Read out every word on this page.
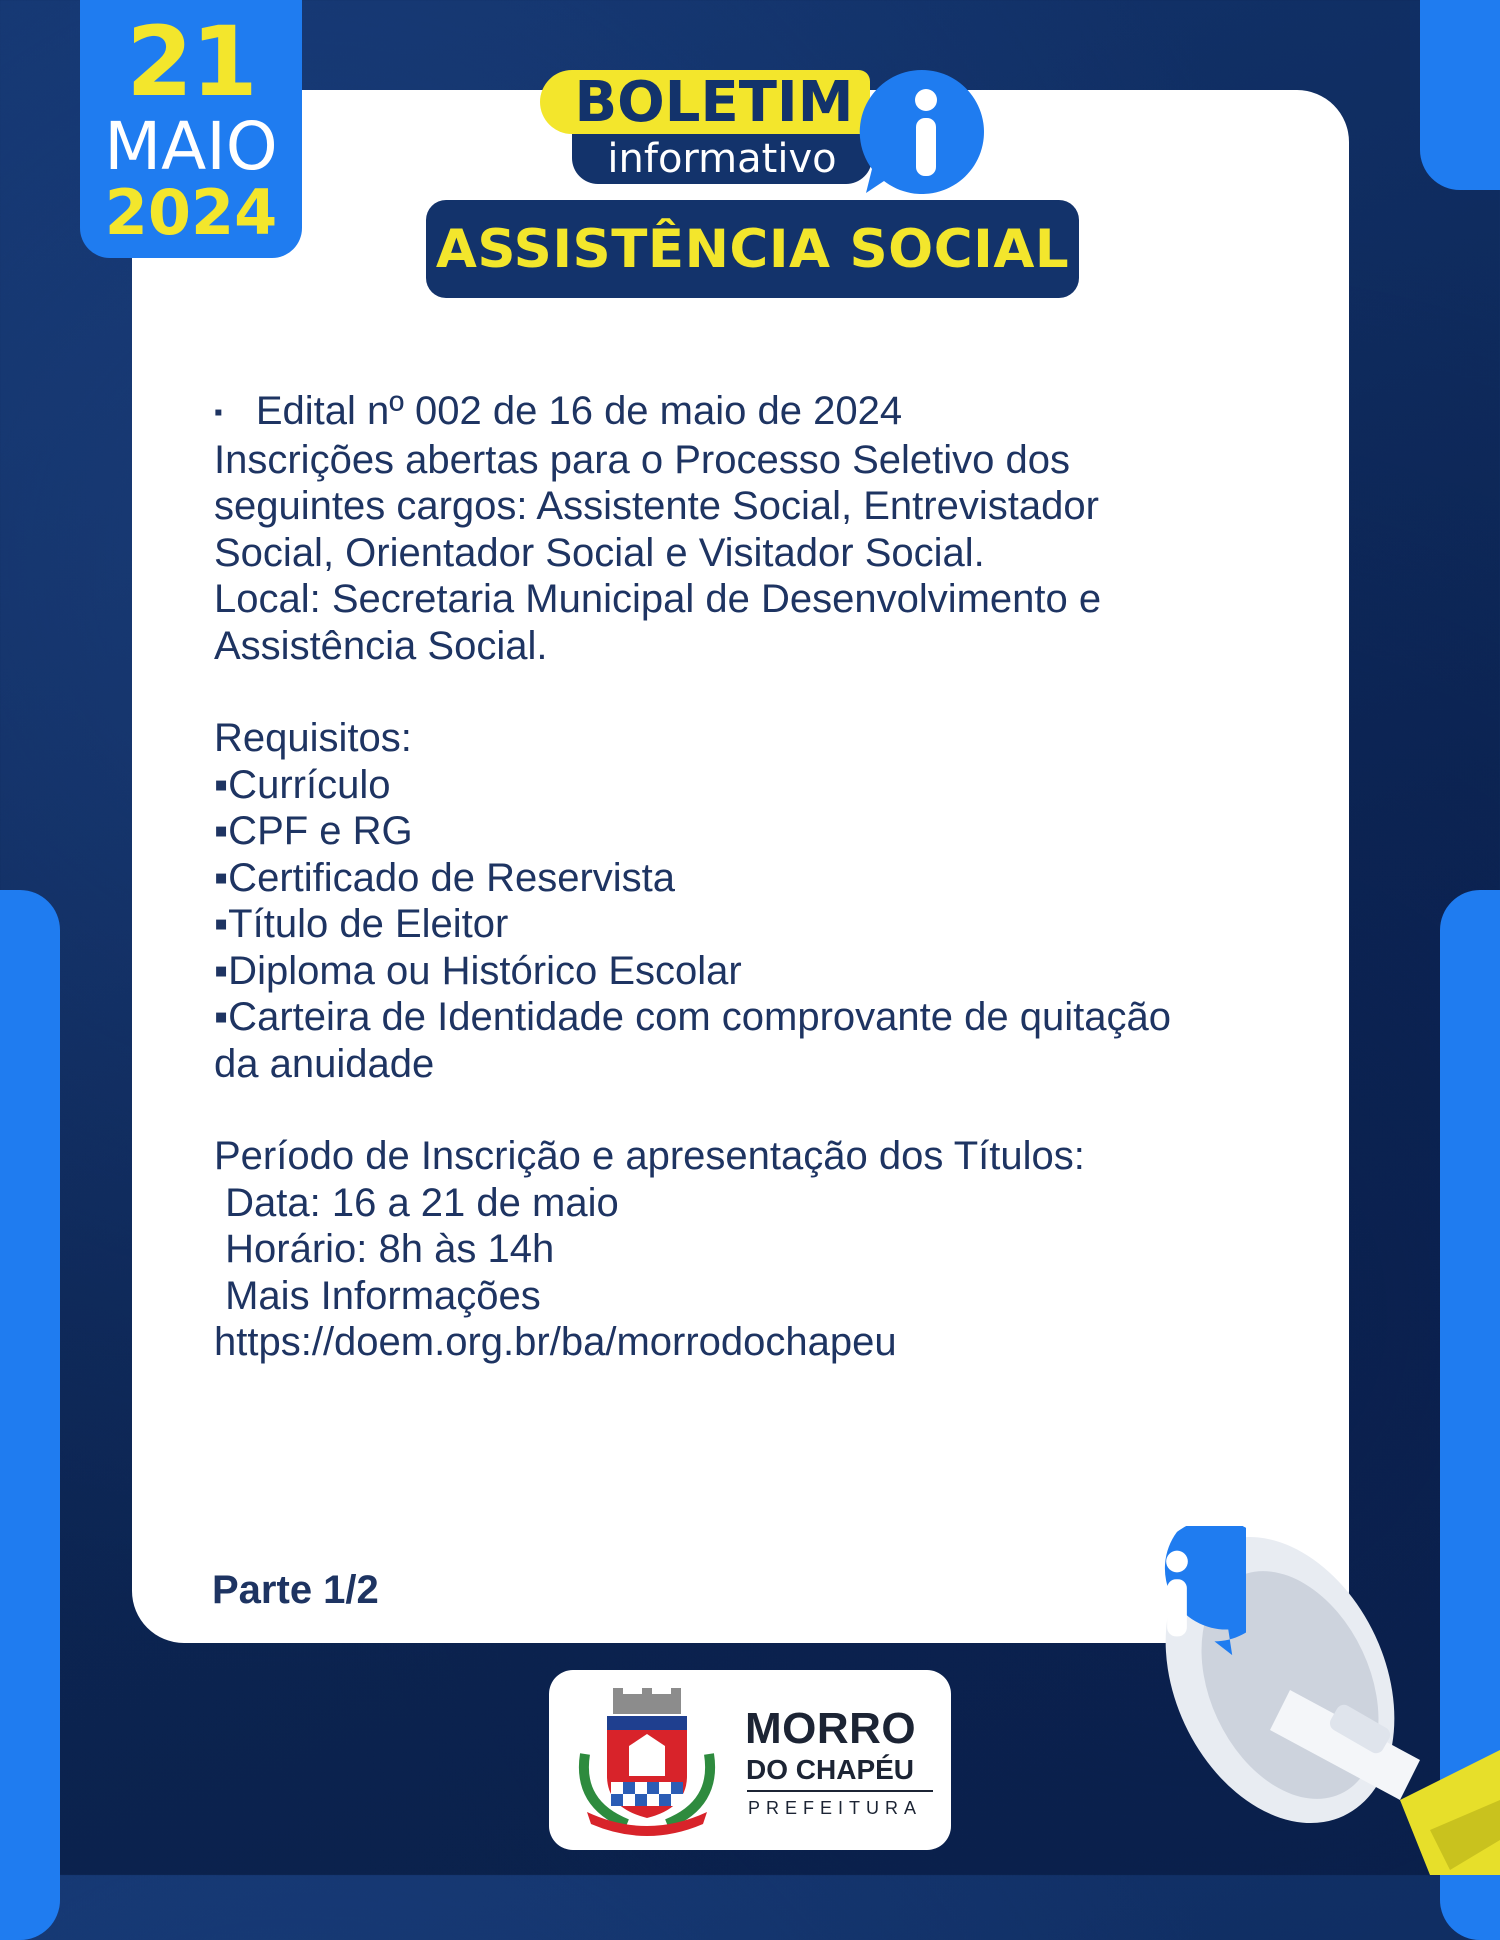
21
MAIO
2024
BOLETIM
informativo
ASSISTÊNCIA SOCIAL
▪ Edital nº 002 de 16 de maio de 2024
Inscrições abertas para o Processo Seletivo dos
seguintes cargos: Assistente Social, Entrevistador
Social, Orientador Social e Visitador Social.
Local: Secretaria Municipal de Desenvolvimento e
Assistência Social.
Requisitos:
▪Currículo
▪CPF e RG
▪Certificado de Reservista
▪Título de Eleitor
▪Diploma ou Histórico Escolar
▪Carteira de Identidade com comprovante de quitação
da anuidade
Período de Inscrição e apresentação dos Títulos:
Data: 16 a 21 de maio
Horário: 8h às 14h
Mais Informações
https://doem.org.br/ba/morrodochapeu
Parte 1/2
MORRO
DO CHAPÉU
PREFEITURA
